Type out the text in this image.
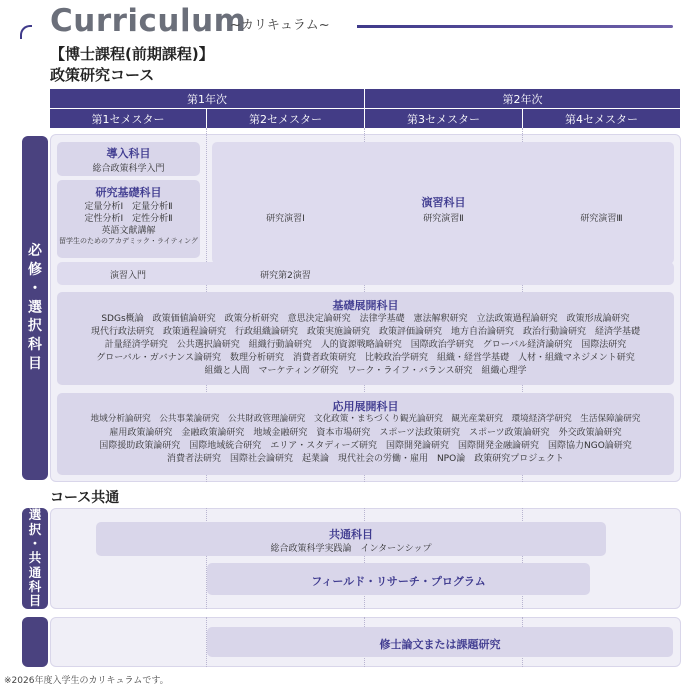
Curriculum
~カリキュラム~
【博士課程(前期課程)】
政策研究コース
第1年次	第2年次
第1セメスター	第2セメスター	第3セメスター	第4セメスター
必
修
・
選
択
科
目
導入科目
総合政策科学入門
研究基礎科目
定量分析Ⅰ　定量分析Ⅱ
定性分析Ⅰ　定性分析Ⅱ
英語文献講解
留学生のためのアカデミック・ライティング
演習科目
研究演習Ⅰ	研究演習Ⅱ	研究演習Ⅲ
演習入門	研究第2演習
基礎展開科目
SDGs概論　政策価値論研究　政策分析研究　意思決定論研究　法律学基礎　憲法解釈研究　立法政策過程論研究　政策形成論研究
現代行政法研究　政策過程論研究　行政組織論研究　政策実施論研究　政策評価論研究　地方自治論研究　政治行動論研究　経済学基礎
計量経済学研究　公共選択論研究　組織行動論研究　人的資源戦略論研究　国際政治学研究　グローバル経済論研究　国際法研究
グローバル・ガバナンス論研究　数理分析研究　消費者政策研究　比較政治学研究　組織・経営学基礎　人材・組織マネジメント研究
組織と人間　マーケティング研究　ワーク・ライフ・バランス研究　組織心理学
応用展開科目
地域分析論研究　公共事業論研究　公共財政管理論研究　文化政策・まちづくり観光論研究　観光産業研究　環境経済学研究　生活保障論研究
雇用政策論研究　金融政策論研究　地域金融研究　資本市場研究　スポーツ法政策研究　スポーツ政策論研究　外交政策論研究
国際援助政策論研究　国際地域統合研究　エリア・スタディーズ研究　国際開発論研究　国際開発金融論研究　国際協力NGO論研究
消費者法研究　国際社会論研究　起業論　現代社会の労働・雇用　NPO論　政策研究プロジェクト
コース共通
選
択
・
共
通
科
目
共通科目
総合政策科学実践論　インターンシップ
フィールド・リサーチ・プログラム
修士論文または課題研究
※2026年度入学生のカリキュラムです。
